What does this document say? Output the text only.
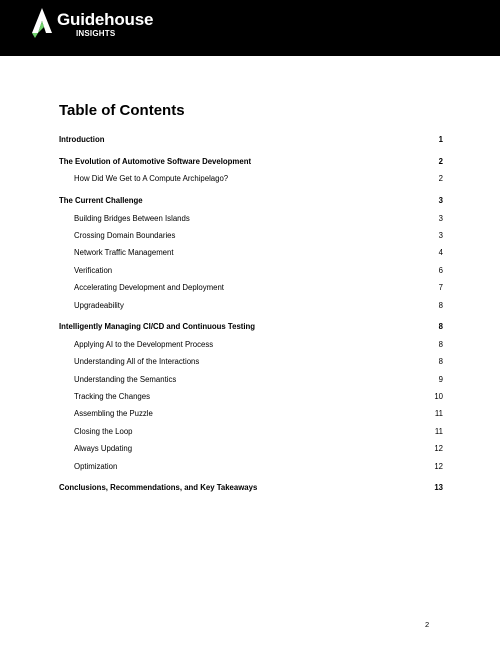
Guidehouse
INSIGHTS
Table of Contents
Introduction	1
The Evolution of Automotive Software Development	2
How Did We Get to A Compute Archipelago?	2
The Current Challenge	3
Building Bridges Between Islands	3
Crossing Domain Boundaries	3
Network Traffic Management	4
Verification	6
Accelerating Development and Deployment	7
Upgradeability	8
Intelligently Managing CI/CD and Continuous Testing	8
Applying AI to the Development Process	8
Understanding All of the Interactions	8
Understanding the Semantics	9
Tracking the Changes	10
Assembling the Puzzle	11
Closing the Loop	11
Always Updating	12
Optimization	12
Conclusions, Recommendations, and Key Takeaways	13
2
